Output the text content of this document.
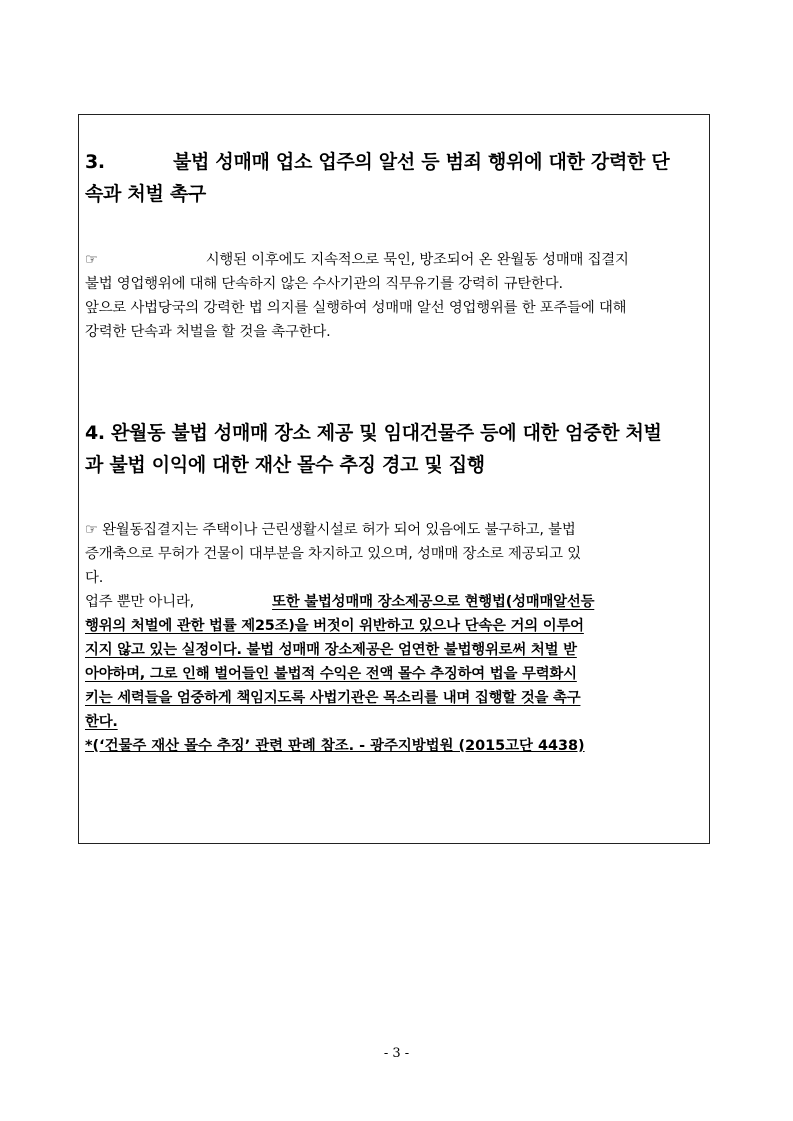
3.	불법 성매매 업소 업주의 알선 등 범죄 행위에 대한 강력한 단

속과 처벌 촉구

☞	시행된 이후에도 지속적으로 묵인, 방조되어 온 완월동 성매매 집결지

불법 영업행위에 대해 단속하지 않은 수사기관의 직무유기를 강력히 규탄한다.

앞으로 사법당국의 강력한 법 의지를 실행하여 성매매 알선 영업행위를 한 포주들에 대해

강력한 단속과 처벌을 할 것을 촉구한다.

4. 완월동 불법 성매매 장소 제공 및 임대건물주 등에 대한 엄중한 처벌

과 불법 이익에 대한 재산 몰수 추징 경고 및 집행

☞ 완월동집결지는 주택이나 근린생활시설로 허가 되어 있음에도 불구하고, 불법

증개축으로 무허가 건물이 대부분을 차지하고 있으며, 성매매 장소로 제공되고 있

다.

업주 뿐만 아니라,	또한 불법성매매 장소제공으로 현행법(성매매알선등

행위의 처벌에 관한 법률 제25조)을 버젓이 위반하고 있으나 단속은 거의 이루어

지지 않고 있는 실정이다. 불법 성매매 장소제공은 엄연한 불법행위로써 처벌 받

아야하며, 그로 인해 벌어들인 불법적 수익은 전액 몰수 추징하여 법을 무력화시

키는 세력들을 엄중하게 책임지도록 사법기관은 목소리를 내며 집행할 것을 촉구

한다.

*(‘건물주 재산 몰수 추징’ 관련 판례 참조. - 광주지방법원 (2015고단 4438)

- 3 -
